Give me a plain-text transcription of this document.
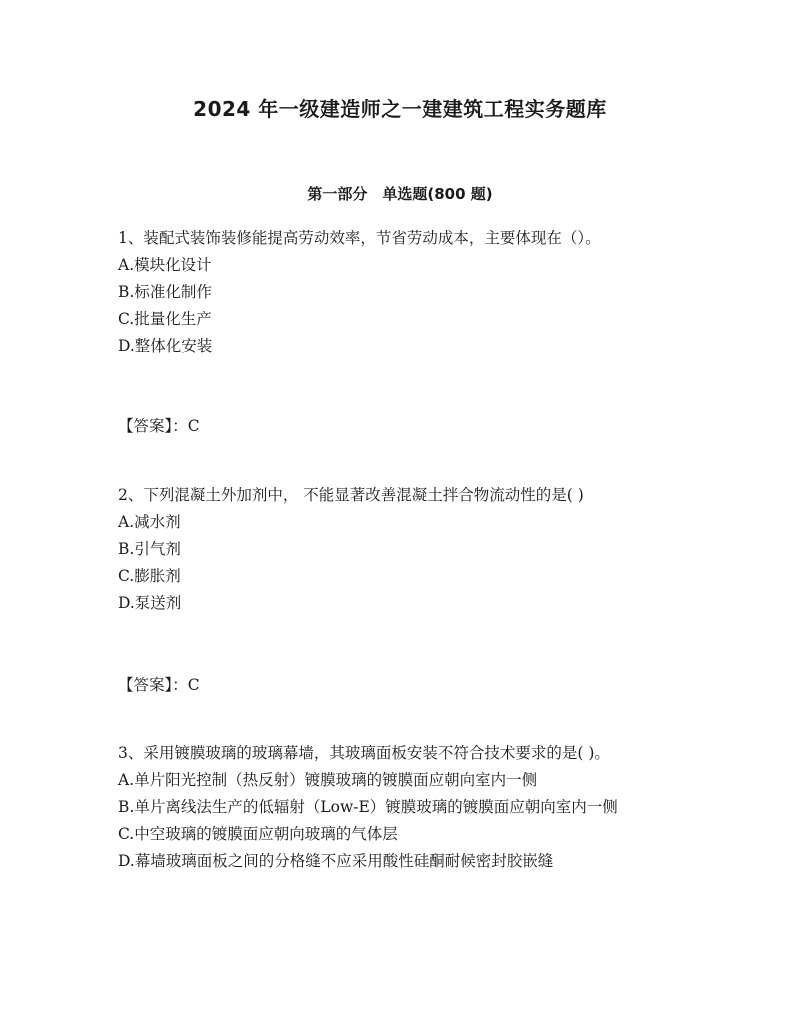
2024 年一级建造师之一建建筑工程实务题库
第一部分　单选题(800 题)
1、装配式装饰装修能提高劳动效率，节省劳动成本，主要体现在（）。
A.模块化设计
B.标准化制作
C.批量化生产
D.整体化安装
【答案】：C
2、下列混凝土外加剂中， 不能显著改善混凝土拌合物流动性的是( )
A.减水剂
B.引气剂
C.膨胀剂
D.泵送剂
【答案】：C
3、采用镀膜玻璃的玻璃幕墙，其玻璃面板安装不符合技术要求的是( )。
A.单片阳光控制（热反射）镀膜玻璃的镀膜面应朝向室内一侧
B.单片离线法生产的低辐射（Low-E）镀膜玻璃的镀膜面应朝向室内一侧
C.中空玻璃的镀膜面应朝向玻璃的气体层
D.幕墙玻璃面板之间的分格缝不应采用酸性硅酮耐候密封胶嵌缝
